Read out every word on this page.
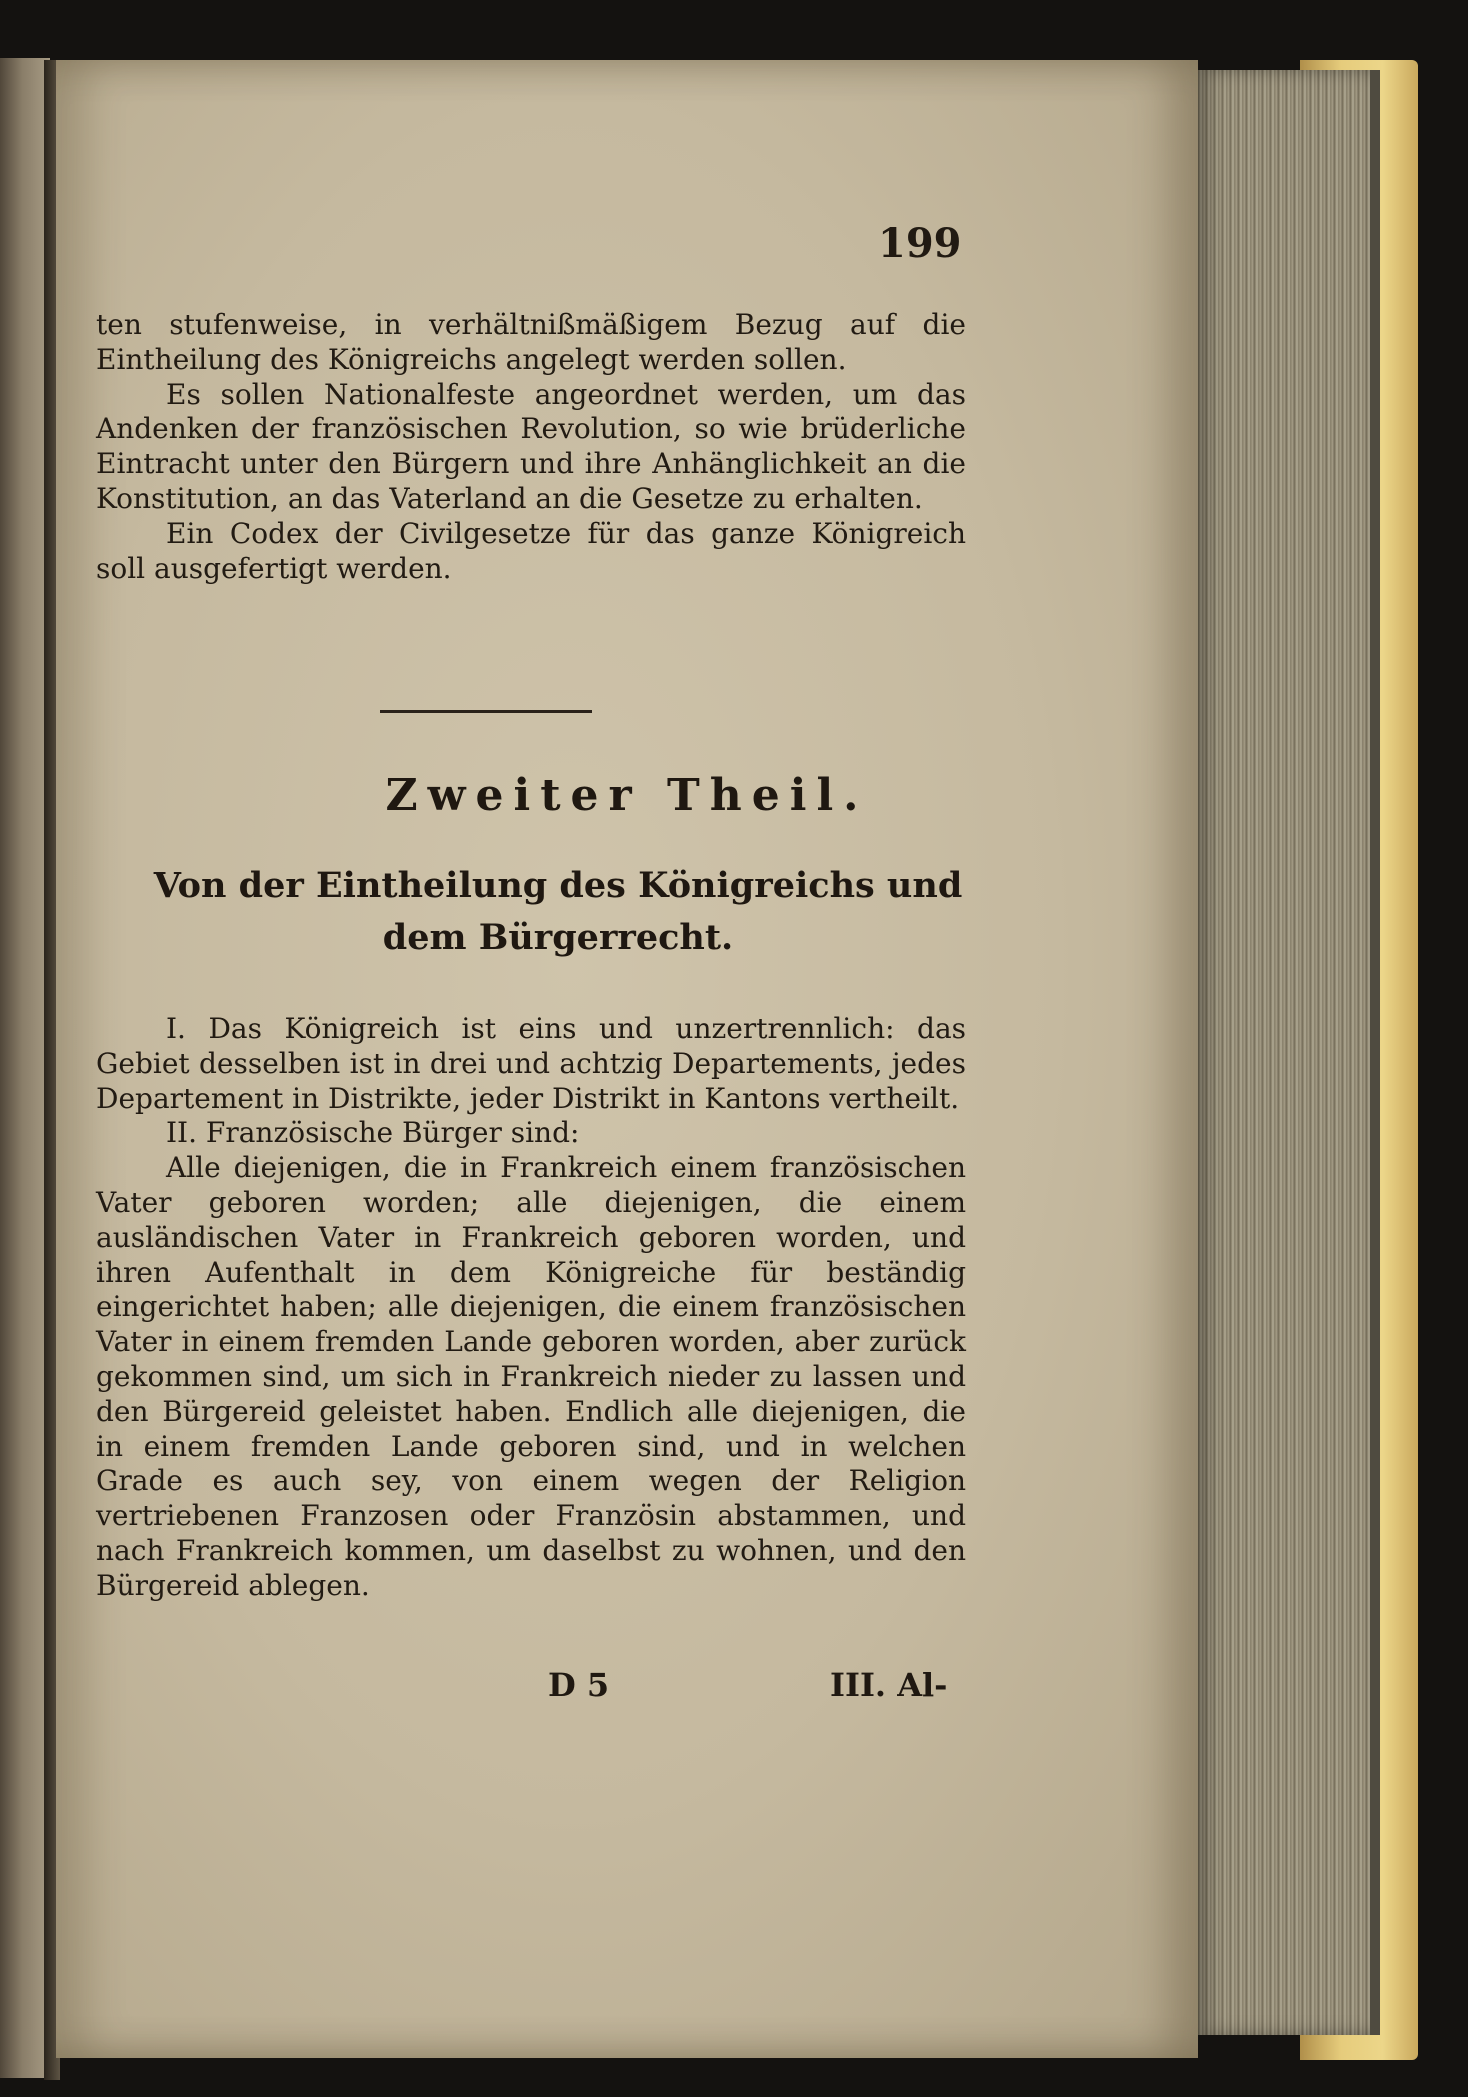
199

ten stufenweise, in verhältnißmäßigem Bezug auf die Eintheilung des Königreichs angelegt werden sollen.

Es sollen Nationalfeste angeordnet werden, um das Andenken der französischen Revolution, so wie brüderliche Eintracht unter den Bürgern und ihre Anhänglichkeit an die Konstitution, an das Vaterland an die Gesetze zu erhalten.

Ein Codex der Civilgesetze für das ganze Königreich soll ausgefertigt werden.

Zweiter Theil.
Von der Eintheilung des Königreichs und
dem Bürgerrecht.

I. Das Königreich ist eins und unzertrennlich: das Gebiet desselben ist in drei und achtzig Departements, jedes Departement in Distrikte, jeder Distrikt in Kantons vertheilt.

II. Französische Bürger sind:

Alle diejenigen, die in Frankreich einem französischen Vater geboren worden; alle diejenigen, die einem ausländischen Vater in Frankreich geboren worden, und ihren Aufenthalt in dem Königreiche für beständig eingerichtet haben; alle diejenigen, die einem französischen Vater in einem fremden Lande geboren worden, aber zurück gekommen sind, um sich in Frankreich nieder zu lassen und den Bürgereid geleistet haben. Endlich alle diejenigen, die in einem fremden Lande geboren sind, und in welchen Grade es auch sey, von einem wegen der Religion vertriebenen Franzosen oder Französin abstammen, und nach Frankreich kommen, um daselbst zu wohnen, und den Bürgereid ablegen.

D 5	III. Al-
